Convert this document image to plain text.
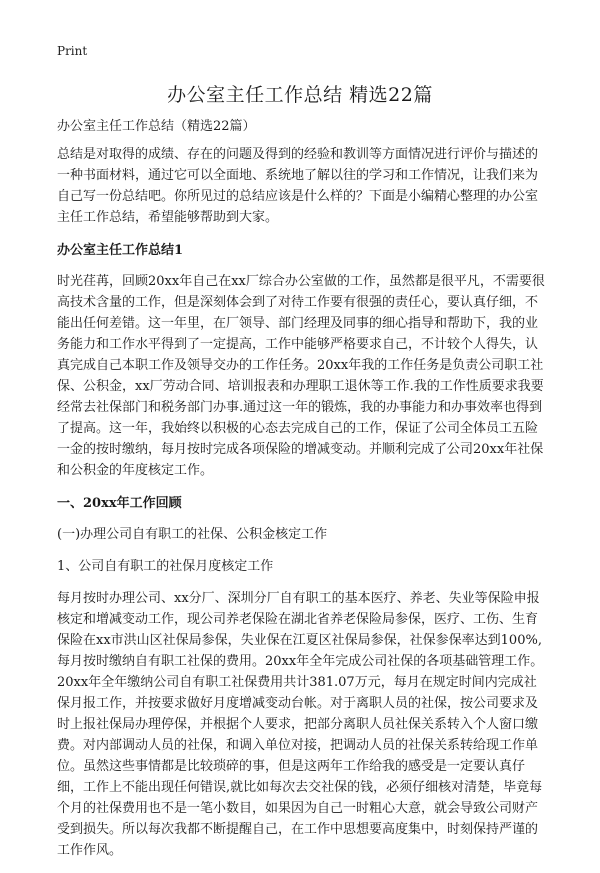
Print
办公室主任工作总结 精选22篇

办公室主任工作总结（精选22篇）

总结是对取得的成绩、存在的问题及得到的经验和教训等方面情况进行评价与描述的一种书面材料，通过它可以全面地、系统地了解以往的学习和工作情况，让我们来为自己写一份总结吧。你所见过的总结应该是什么样的？下面是小编精心整理的办公室主任工作总结，希望能够帮助到大家。

办公室主任工作总结1

时光荏苒，回顾20xx年自己在xx厂综合办公室做的工作，虽然都是很平凡，不需要很高技术含量的工作，但是深刻体会到了对待工作要有很强的责任心，要认真仔细，不能出任何差错。这一年里，在厂领导、部门经理及同事的细心指导和帮助下，我的业务能力和工作水平得到了一定提高，工作中能够严格要求自己，不计较个人得失，认真完成自己本职工作及领导交办的工作任务。20xx年我的工作任务是负责公司职工社保、公积金，xx厂劳动合同、培训报表和办理职工退休等工作.我的工作性质要求我要经常去社保部门和税务部门办事.通过这一年的锻炼，我的办事能力和办事效率也得到了提高。这一年，我始终以积极的心态去完成自己的工作，保证了公司全体员工五险一金的按时缴纳，每月按时完成各项保险的增减变动。并顺利完成了公司20xx年社保和公积金的年度核定工作。

一、20xx年工作回顾

(一)办理公司自有职工的社保、公积金核定工作

1、公司自有职工的社保月度核定工作

每月按时办理公司、xx分厂、深圳分厂自有职工的基本医疗、养老、失业等保险申报核定和增减变动工作，现公司养老保险在湖北省养老保险局参保，医疗、工伤、生育保险在xx市洪山区社保局参保，失业保在江夏区社保局参保，社保参保率达到100%,每月按时缴纳自有职工社保的费用。20xx年全年完成公司社保的各项基础管理工作。20xx年全年缴纳公司自有职工社保费用共计381.07万元，每月在规定时间内完成社保月报工作，并按要求做好月度增减变动台帐。对于离职人员的社保，按公司要求及时上报社保局办理停保，并根据个人要求，把部分离职人员社保关系转入个人窗口缴费。对内部调动人员的社保，和调入单位对接，把调动人员的社保关系转给现工作单位。虽然这些事情都是比较琐碎的事，但是这两年工作给我的感受是一定要认真仔细，工作上不能出现任何错误,就比如每次去交社保的钱，必须仔细核对清楚，毕竟每个月的社保费用也不是一笔小数目，如果因为自己一时粗心大意，就会导致公司财产受到损失。所以每次我都不断提醒自己，在工作中思想要高度集中，时刻保持严谨的工作作风。
